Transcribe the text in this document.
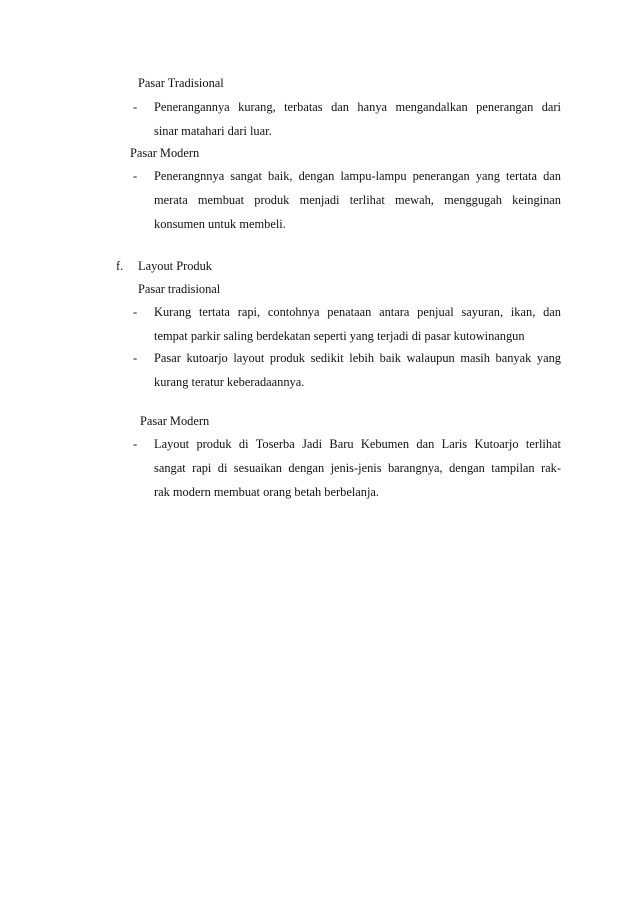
Pasar Tradisional
- Penerangannya kurang, terbatas dan hanya mengandalkan penerangan dari
sinar matahari dari luar.
Pasar Modern
- Penerangnnya sangat baik, dengan lampu-lampu penerangan yang tertata dan
merata membuat produk menjadi terlihat mewah, menggugah keinginan
konsumen untuk membeli.
f. Layout Produk
Pasar tradisional
- Kurang tertata rapi, contohnya penataan antara penjual sayuran, ikan, dan
tempat parkir saling berdekatan seperti yang terjadi di pasar kutowinangun
- Pasar kutoarjo layout produk sedikit lebih baik walaupun masih banyak yang
kurang teratur keberadaannya.
Pasar Modern
- Layout produk di Toserba Jadi Baru Kebumen dan Laris Kutoarjo terlihat
sangat rapi di sesuaikan dengan jenis-jenis barangnya, dengan tampilan rak-
rak modern membuat orang betah berbelanja.
